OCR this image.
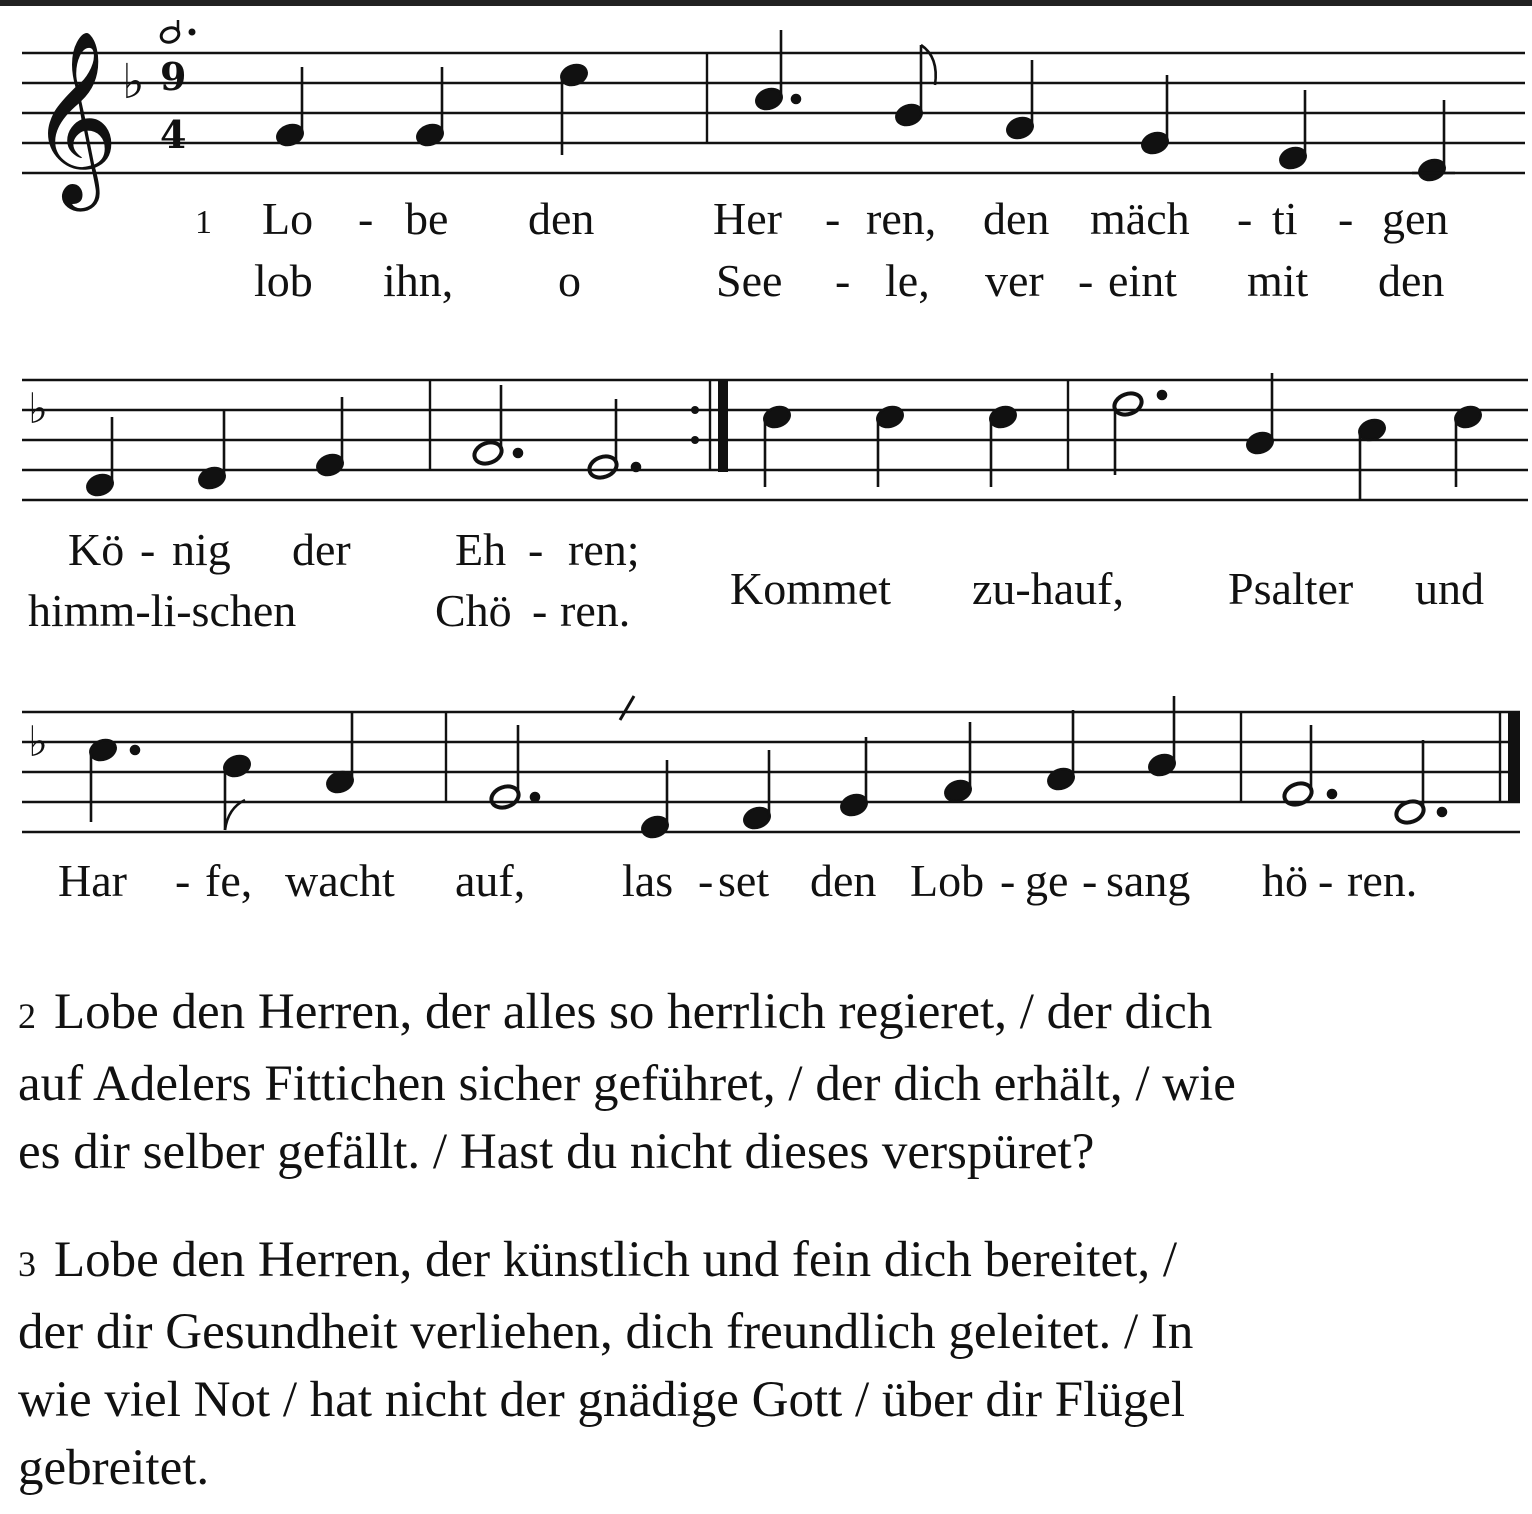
𝄞 ♭ 9
4
1 Lo - be den	Her - ren, den mäch - ti - gen
lob ihn, o	See - le, ver - eint mit den
♭
Kö - nig der Eh - ren;
himm-li-schen	Chö - ren. Kommet zu-hauf, Psalter und
♭
Har - fe, wacht auf, las - set den Lob - ge - sang hö - ren.
2 Lobe den Herren, der alles so herrlich regieret, / der dich
auf Adelers Fittichen sicher geführet, / der dich erhält, / wie
es dir selber gefällt. / Hast du nicht dieses verspüret?
3 Lobe den Herren, der künstlich und fein dich bereitet, /
der dir Gesundheit verliehen, dich freundlich geleitet. / In
wie viel Not / hat nicht der gnädige Gott / über dir Flügel
gebreitet.
